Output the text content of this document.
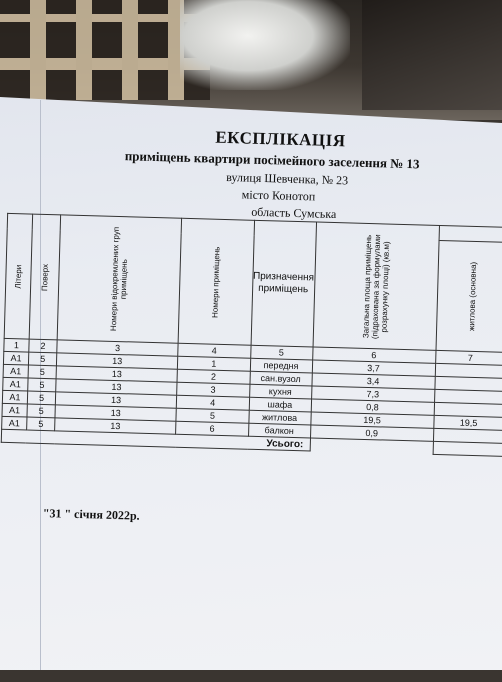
ЕКСПЛІКАЦІЯ
приміщень квартири посімейного заселення № 13
вулиця Шевченка, № 23
місто Конотоп
область Сумська
Літери	Поверх	Номери відокремлених груп приміщень	Номери приміщень	Призначення приміщень	Загальна площа приміщень (підрахована за формулами розрахунку площі) (кв.м)

						житлова (основна)

1	2	3	4	5	6	7			
А1	5	13	1	передня	3,7				
А1	5	13	2	сан.вузол	3,4				
А1	5	13	3	кухня	7,3				
А1	5	13	4	шафа	0,8				
А1	5	13	5	житлова	19,5	19,5			
А1	5	13	6	балкон	0,9				
Усього:	
"31 " січня 2022р.
